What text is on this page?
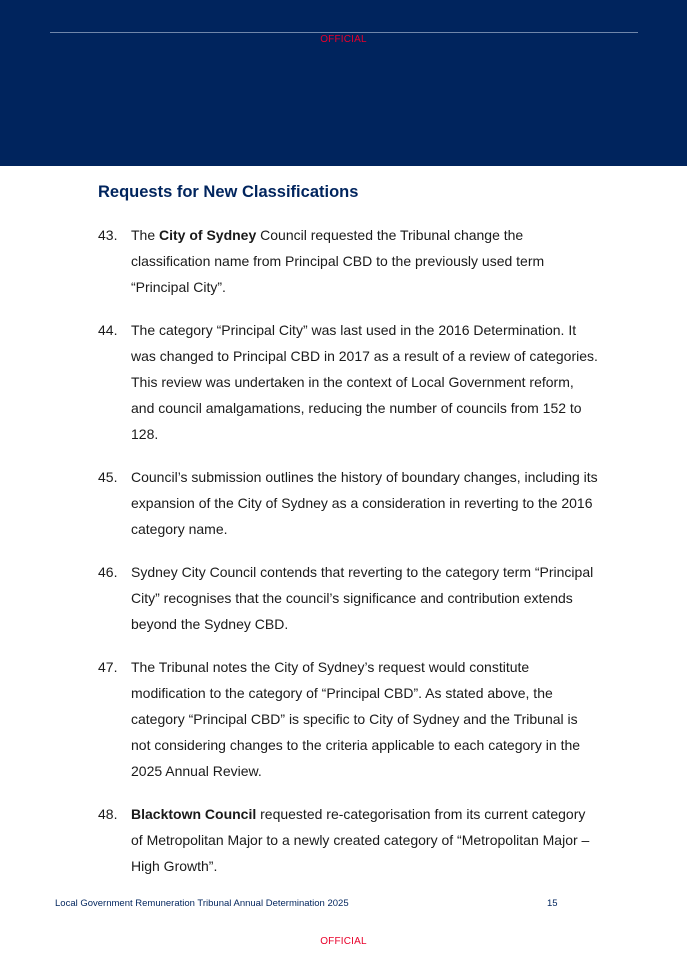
OFFICIAL
Requests for New Classifications
43. The City of Sydney Council requested the Tribunal change the classification name from Principal CBD to the previously used term “Principal City”.
44. The category “Principal City” was last used in the 2016 Determination. It was changed to Principal CBD in 2017 as a result of a review of categories. This review was undertaken in the context of Local Government reform, and council amalgamations, reducing the number of councils from 152 to 128.
45. Council’s submission outlines the history of boundary changes, including its expansion of the City of Sydney as a consideration in reverting to the 2016 category name.
46. Sydney City Council contends that reverting to the category term “Principal City” recognises that the council’s significance and contribution extends beyond the Sydney CBD.
47. The Tribunal notes the City of Sydney’s request would constitute modification to the category of “Principal CBD”. As stated above, the category “Principal CBD” is specific to City of Sydney and the Tribunal is not considering changes to the criteria applicable to each category in the 2025 Annual Review.
48. Blacktown Council requested re-categorisation from its current category of Metropolitan Major to a newly created category of “Metropolitan Major – High Growth”.
Local Government Remuneration Tribunal Annual Determination 2025	15
OFFICIAL
